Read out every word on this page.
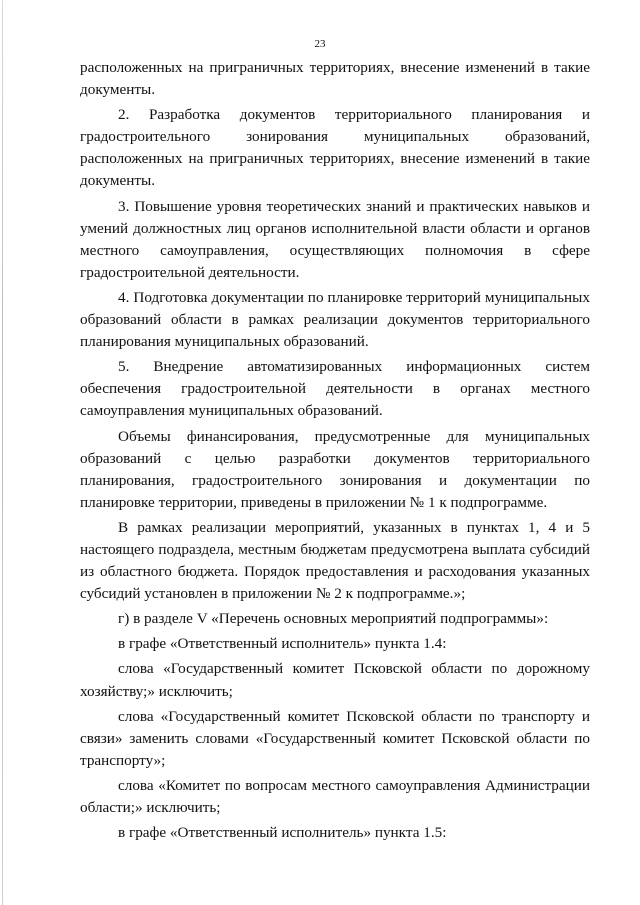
23

расположенных на приграничных территориях, внесение изменений в такие документы.

2. Разработка документов территориального планирования и градостроительного зонирования муниципальных образований, расположенных на приграничных территориях, внесение изменений в такие документы.

3. Повышение уровня теоретических знаний и практических навыков и умений должностных лиц органов исполнительной власти области и органов местного самоуправления, осуществляющих полномочия в сфере градостроительной деятельности.

4. Подготовка документации по планировке территорий муниципальных образований области в рамках реализации документов территориального планирования муниципальных образований.

5. Внедрение автоматизированных информационных систем обеспечения градостроительной деятельности в органах местного самоуправления муниципальных образований.

Объемы финансирования, предусмотренные для муниципальных образований с целью разработки документов территориального планирования, градостроительного зонирования и документации по планировке территории, приведены в приложении № 1 к подпрограмме.

В рамках реализации мероприятий, указанных в пунктах 1, 4 и 5 настоящего подраздела, местным бюджетам предусмотрена выплата субсидий из областного бюджета. Порядок предоставления и расходования указанных субсидий установлен в приложении № 2 к подпрограмме.»;

г) в разделе V «Перечень основных мероприятий подпрограммы»:

в графе «Ответственный исполнитель» пункта 1.4:

слова «Государственный комитет Псковской области по дорожному хозяйству;» исключить;

слова «Государственный комитет Псковской области по транспорту и связи» заменить словами «Государственный комитет Псковской области по транспорту»;

слова «Комитет по вопросам местного самоуправления Администрации области;» исключить;

в графе «Ответственный исполнитель» пункта 1.5:
